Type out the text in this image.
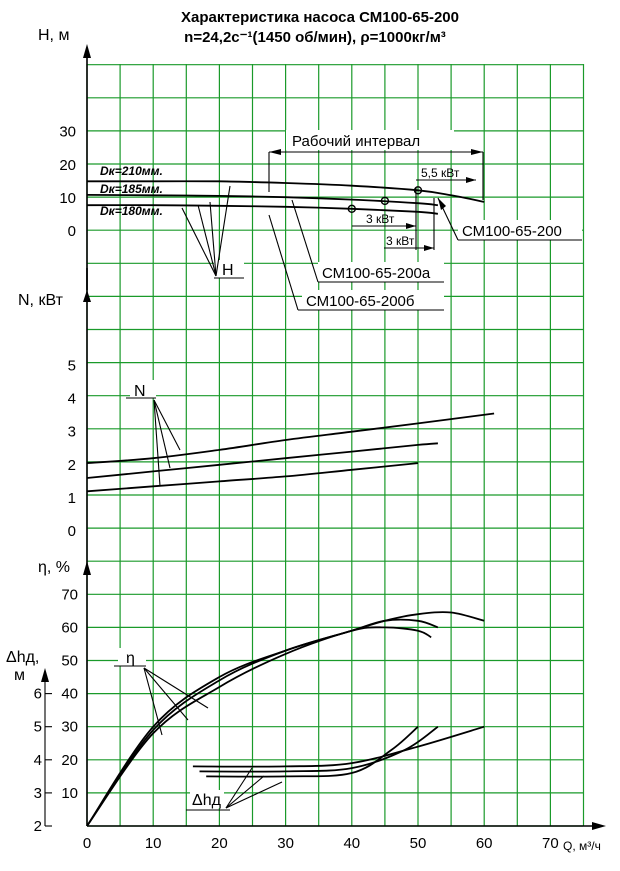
Характеристика насоса СМ100-65-200
n=24,2с⁻¹(1450 об/мин), ρ=1000кг/м³
H, м
N, кВт
η, %
Δhд,
м
Q, м³/ч
0	10	20	30	40	50	60	70
0
10
20
30
0
1
2
3
4
5
10
20
30
40
50
60
70
2
3
4
5
6
Рабочий интервал
Dк=210мм.
Dк=185мм.
Dк=180мм.
5,5 кВт
3 кВт
3 кВт
СМ100-65-200
СМ100-65-200а
СМ100-65-200б
H
N
η
Δhд
